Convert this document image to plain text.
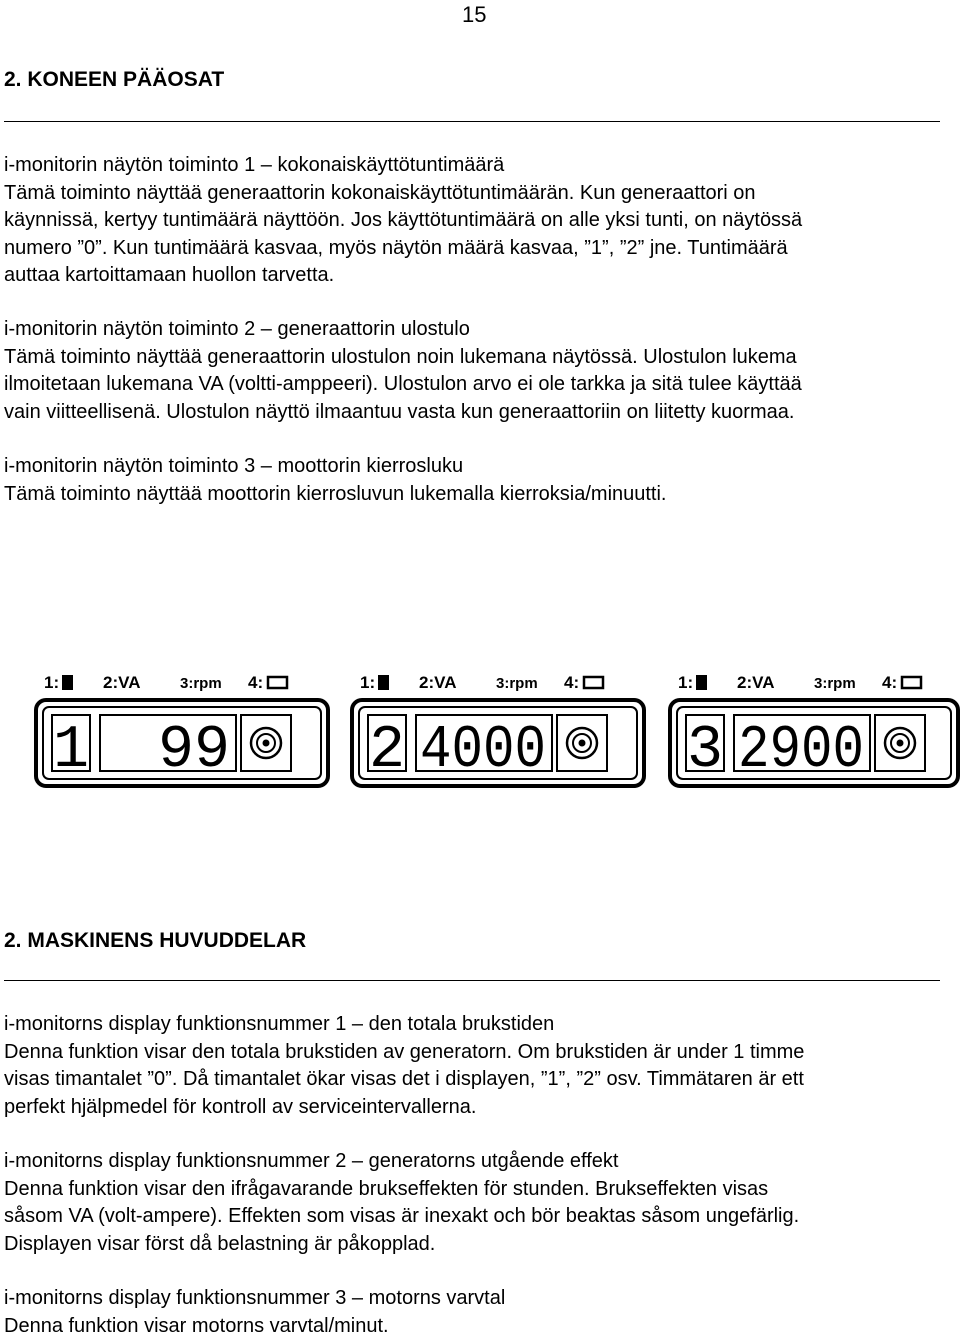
15
2. KONEEN PÄÄOSAT
i-monitorin näytön toiminto 1 – kokonaiskäyttötuntimäärä
Tämä toiminto näyttää generaattorin kokonaiskäyttötuntimäärän. Kun generaattori on
käynnissä, kertyy tuntimäärä näyttöön. Jos käyttötuntimäärä on alle yksi tunti, on näytössä
numero ”0”. Kun tuntimäärä kasvaa, myös näytön määrä kasvaa, ”1”, ”2” jne. Tuntimäärä
auttaa kartoittamaan huollon tarvetta.
i-monitorin näytön toiminto 2 – generaattorin ulostulo
Tämä toiminto näyttää generaattorin ulostulon noin lukemana näytössä. Ulostulon lukema
ilmoitetaan lukemana VA (voltti-amppeeri). Ulostulon arvo ei ole tarkka ja sitä tulee käyttää
vain viitteellisenä. Ulostulon näyttö ilmaantuu vasta kun generaattoriin on liitetty kuormaa.
i-monitorin näytön toiminto 3 – moottorin kierrosluku
Tämä toiminto näyttää moottorin kierrosluvun lukemalla kierroksia/minuutti.
1:	2:VA	3:rpm 4:
1 99
1:	2:VA	3:rpm 4:
2 4000
1:	2:VA	3:rpm 4:
3 2900
2. MASKINENS HUVUDDELAR
i-monitorns display funktionsnummer 1 – den totala brukstiden
Denna funktion visar den totala brukstiden av generatorn. Om brukstiden är under 1 timme
visas timantalet ”0”. Då timantalet ökar visas det i displayen, ”1”, ”2” osv. Timmätaren är ett
perfekt hjälpmedel för kontroll av serviceintervallerna.
i-monitorns display funktionsnummer 2 – generatorns utgående effekt
Denna funktion visar den ifrågavarande brukseffekten för stunden. Brukseffekten visas
såsom VA (volt-ampere). Effekten som visas är inexakt och bör beaktas såsom ungefärlig.
Displayen visar först då belastning är påkopplad.
i-monitorns display funktionsnummer 3 – motorns varvtal
Denna funktion visar motorns varvtal/minut.
